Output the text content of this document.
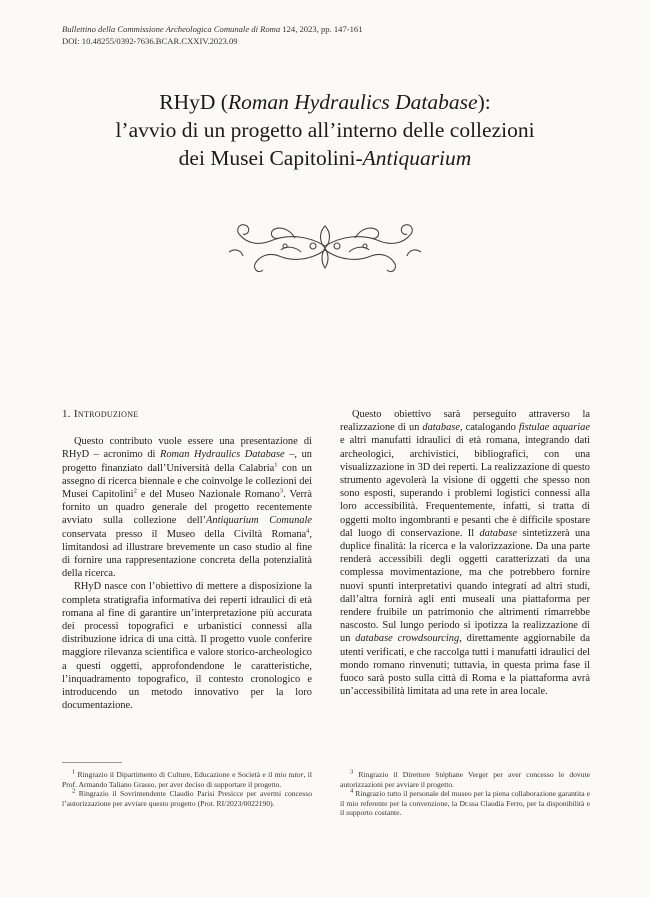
Bullettino della Commissione Archeologica Comunale di Roma 124, 2023, pp. 147-161
DOI: 10.48255/0392-7636.BCAR.CXXIV.2023.09
RHyD (Roman Hydraulics Database):
l’avvio di un progetto all’interno delle collezioni
dei Musei Capitolini-Antiquarium
1. Introduzione

Questo contributo vuole essere una presentazione di RHyD – acronimo di Roman Hydraulics Database –, un progetto finanziato dall’Università della Calabria$^1$ con un assegno di ricerca biennale e che coinvolge le collezioni dei Musei Capitolini$^2$ e del Museo Nazionale Romano$^3$. Verrà fornito un quadro generale del progetto recentemente avviato sulla collezione dell’Antiquarium Comunale conservata presso il Museo della Civiltà Romana$^4$, limitandosi ad illustrare brevemente un caso studio al fine di fornire una rappresentazione concreta della potenzialità della ricerca.

RHyD nasce con l’obiettivo di mettere a disposizione la completa stratigrafia informativa dei reperti idraulici di età romana al fine di garantire un’interpretazione più accurata dei processi topografici e urbanistici connessi alla distribuzione idrica di una città. Il progetto vuole conferire maggiore rilevanza scientifica e valore storico-archeologico a questi oggetti, approfondendone le caratteristiche, l’inquadramento topografico, il contesto cronologico e introducendo un metodo innovativo per la loro documentazione.

Questo obiettivo sarà perseguito attraverso la realizzazione di un database, catalogando fistulae aquariae e altri manufatti idraulici di età romana, integrando dati archeologici, archivistici, bibliografici, con una visualizzazione in 3D dei reperti. La realizzazione di questo strumento agevolerà la visione di oggetti che spesso non sono esposti, superando i problemi logistici connessi alla loro accessibilità. Frequentemente, infatti, si tratta di oggetti molto ingombranti e pesanti che è difficile spostare dal luogo di conservazione. Il database sintetizzerà una duplice finalità: la ricerca e la valorizzazione. Da una parte renderà accessibili degli oggetti caratterizzati da una complessa movimentazione, ma che potrebbero fornire nuovi spunti interpretativi quando integrati ad altri studi, dall’altra fornirà agli enti museali una piattaforma per rendere fruibile un patrimonio che altrimenti rimarrebbe nascosto. Sul lungo periodo si ipotizza la realizzazione di un database crowdsourcing, direttamente aggiornabile da utenti verificati, e che raccolga tutti i manufatti idraulici del mondo romano rinvenuti; tuttavia, in questa prima fase il fuoco sarà posto sulla città di Roma e la piattaforma avrà un’accessibilità limitata ad una rete in area locale.

$^1$ Ringrazio il Dipartimento di Culture, Educazione e Società e il mio tutor, il Prof. Armando Taliano Grasso, per aver deciso di supportare il progetto.

$^2$ Ringrazio il Sovrintendente Claudio Parisi Presicce per avermi concesso l’autorizzazione per avviare questo progetto (Prot. RI/2023/0022190).

$^3$ Ringrazio il Direttore Stéphane Verger per aver concesso le dovute autorizzazioni per avviare il progetto.

$^4$ Ringrazio tutto il personale del museo per la piena collaborazione garantita e il mio referente per la convenzione, la Dr.ssa Claudia Ferro, per la disponibilità e il supporto costante.
